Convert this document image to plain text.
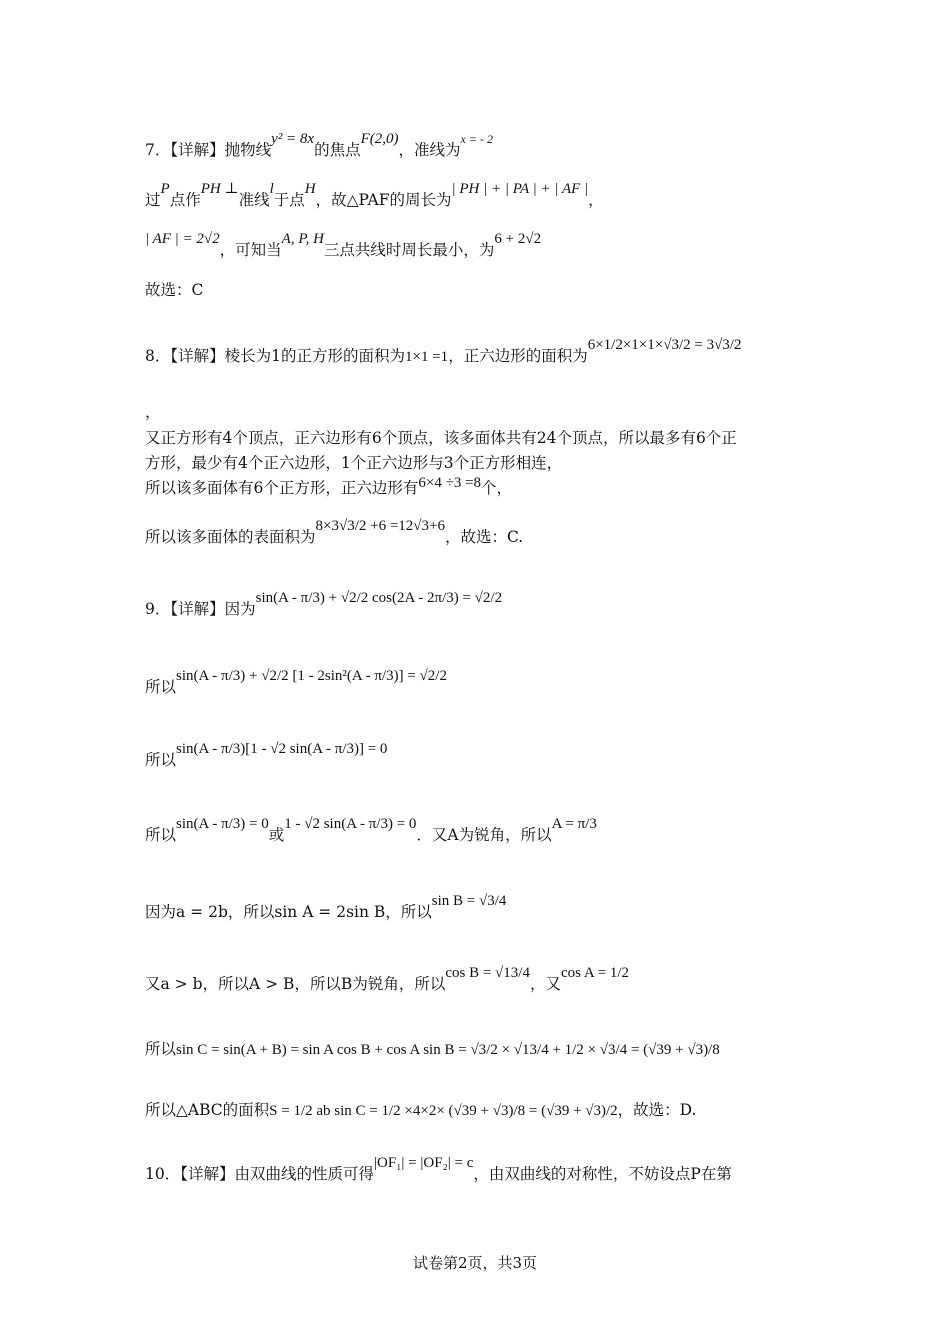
7．【详解】抛物线y² = 8x的焦点F(2,0)，准线为$^{x = - 2}$
过P点作PH ⊥准线l于点H，故△PAF的周长为| PH | + | PA | + | AF |，
| AF | = 2√2，可知当A, P, H三点共线时周长最小，为6 + 2√2
故选：C
8．【详解】棱长为1的正方形的面积为1×1 =1，正六边形的面积为6×1/2×1×1×√3/2 = 3√3/2
，
又正方形有4个顶点，正六边形有6个顶点，该多面体共有24个顶点，所以最多有6个正
方形，最少有4个正六边形，1个正六边形与3个正方形相连，
所以该多面体有6个正方形，正六边形有6×4 ÷3 =8个，
所以该多面体的表面积为8×3√3/2 +6 =12√3+6，故选：C.
9．【详解】因为sin(A - π/3) + √2/2 cos(2A - 2π/3) = √2/2
所以sin(A - π/3) + √2/2 [1 - 2sin²(A - π/3)] = √2/2
所以sin(A - π/3)[1 - √2 sin(A - π/3)] = 0
所以sin(A - π/3) = 0或1 - √2 sin(A - π/3) = 0．又A为锐角，所以A = π/3
因为a = 2b，所以sin A = 2sin B，所以sin B = √3/4
又a > b，所以A > B，所以B为锐角，所以cos B = √13/4，又cos A = 1/2
所以sin C = sin(A + B) = sin A cos B + cos A sin B = √3/2 × √13/4 + 1/2 × √3/4 = (√39 + √3)/8
所以△ABC的面积S = 1/2 ab sin C = 1/2 ×4×2× (√39 + √3)/8 = (√39 + √3)/2，故选：D.
10．【详解】由双曲线的性质可得|OF₁| = |OF₂| = c，由双曲线的对称性，不妨设点P在第
试卷第2页，共3页
